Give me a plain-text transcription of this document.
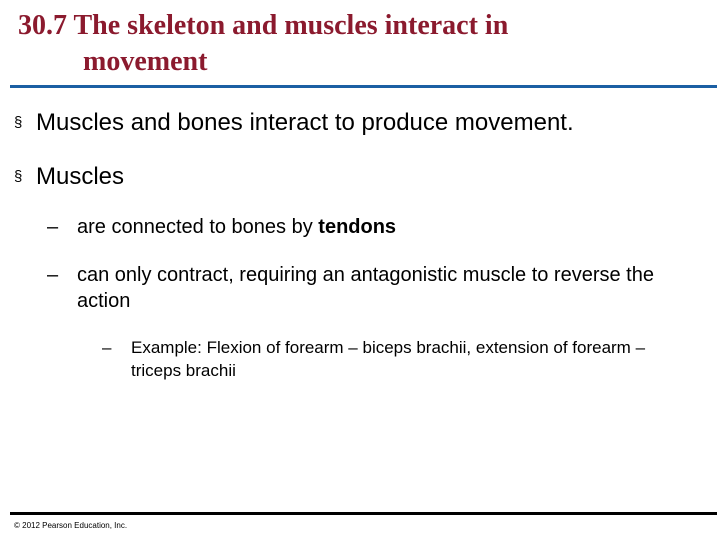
30.7 The skeleton and muscles interact in
movement
§ Muscles and bones interact to produce movement.
§ Muscles
– are connected to bones by tendons
– can only contract, requiring an antagonistic muscle to reverse the action
–	Example: Flexion of forearm – biceps brachii, extension of forearm – triceps brachii
© 2012 Pearson Education, Inc.
